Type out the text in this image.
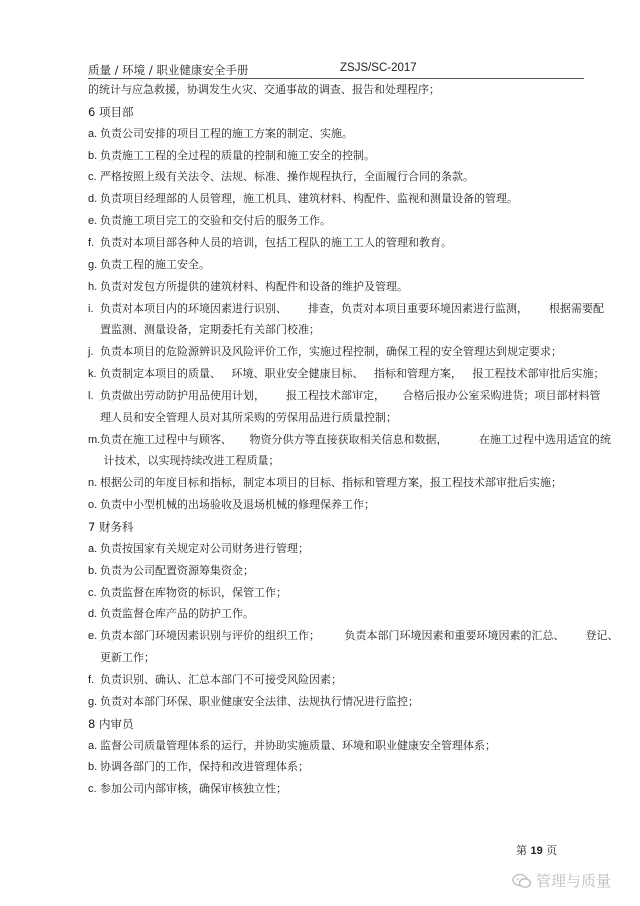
质量 / 环境 / 职业健康安全手册	ZSJS/SC-2017
的统计与应急救援，协调发生火灾、交通事故的调查、报告和处理程序；
6 项目部
a. 负责公司安排的项目工程的施工方案的制定、实施。
b. 负责施工工程的全过程的质量的控制和施工安全的控制。
c. 严格按照上级有关法令、法规、标准、操作规程执行，全面履行合同的条款。
d. 负责项目经理部的人员管理，施工机具、建筑材料、构配件、监视和测量设备的管理。
e. 负责施工项目完工的交验和交付后的服务工作。
f. 负责对本项目部各种人员的培训，包括工程队的施工工人的管理和教育。
g. 负责工程的施工安全。
h. 负责对发包方所提供的建筑材料、构配件和设备的维护及管理。
i. 负责对本项目内的环境因素进行识别、      排查，负责对本项目重要环境因素进行监测，      根据需要配
置监测、测量设备，定期委托有关部门校准；
j. 负责本项目的危险源辨识及风险评价工作，实施过程控制，确保工程的安全管理达到规定要求；
k. 负责制定本项目的质量、   环境、职业安全健康目标、   指标和管理方案，   报工程技术部审批后实施；
l. 负责做出劳动防护用品使用计划，      报工程技术部审定，     合格后报办公室采购进货；项目部材料管
理人员和安全管理人员对其所采购的劳保用品进行质量控制；
m.负责在施工过程中与顾客、     物资分供方等直接获取相关信息和数据，         在施工过程中选用适宜的统
计技术，以实现持续改进工程质量；
n. 根据公司的年度目标和指标，制定本项目的目标、指标和管理方案，报工程技术部审批后实施；
o. 负责中小型机械的出场验收及退场机械的修理保养工作；
7 财务科
a. 负责按国家有关规定对公司财务进行管理；
b. 负责为公司配置资源筹集资金；
c. 负责监督在库物资的标识，保管工作；
d. 负责监督仓库产品的防护工作。
e. 负责本部门环境因素识别与评价的组织工作；       负责本部门环境因素和重要环境因素的汇总、      登记、
更新工作；
f. 负责识别、确认、汇总本部门不可接受风险因素；
g. 负责对本部门环保、职业健康安全法律、法规执行情况进行监控；
8 内审员
a. 监督公司质量管理体系的运行，并协助实施质量、环境和职业健康安全管理体系；
b. 协调各部门的工作，保持和改进管理体系；
c. 参加公司内部审核，确保审核独立性；
第 19 页
管理与质量
